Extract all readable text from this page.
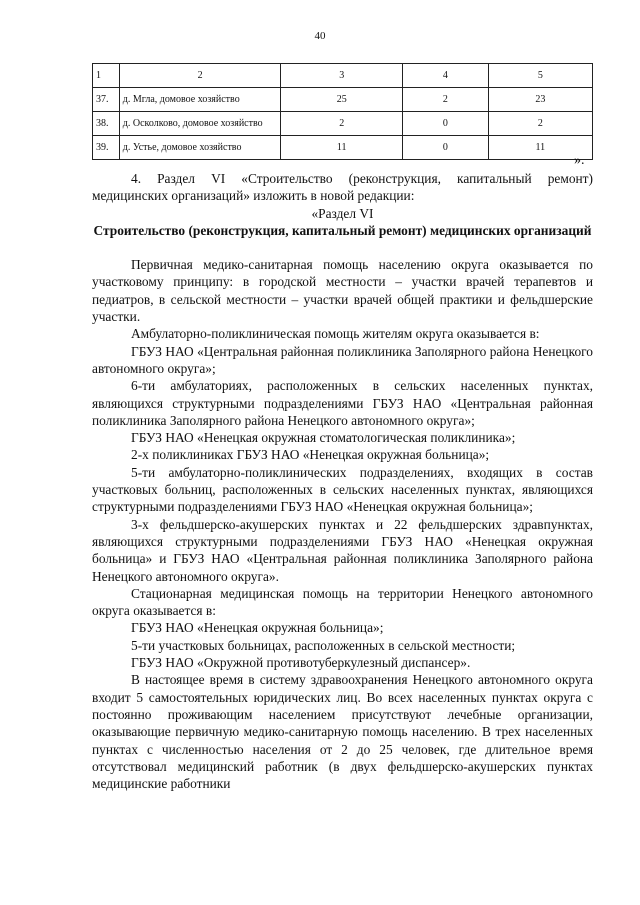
40
1	2	3	4	5
37.	д. Мгла, домовое хозяйство	25	2	23
38.	д. Осколково, домовое хозяйство	2	0	2
39.	д. Устье, домовое хозяйство	11	0	11
».

4. Раздел VI «Строительство (реконструкция, капитальный ремонт) медицинских организаций» изложить в новой редакции:

«Раздел VI

Строительство (реконструкция, капитальный ремонт) медицинских организаций

Первичная медико-санитарная помощь населению округа оказывается по участковому принципу: в городской местности – участки врачей терапевтов и педиатров, в сельской местности – участки врачей общей практики и фельдшерские участки.

Амбулаторно-поликлиническая помощь жителям округа оказывается в:

ГБУЗ НАО «Центральная районная поликлиника Заполярного района Ненецкого автономного округа»;

6-ти амбулаториях, расположенных в сельских населенных пунктах, являющихся структурными подразделениями ГБУЗ НАО «Центральная районная поликлиника Заполярного района Ненецкого автономного округа»;

ГБУЗ НАО «Ненецкая окружная стоматологическая поликлиника»;

2-х поликлиниках ГБУЗ НАО «Ненецкая окружная больница»;

5-ти амбулаторно-поликлинических подразделениях, входящих в состав участковых больниц, расположенных в сельских населенных пунктах, являющихся структурными подразделениями ГБУЗ НАО «Ненецкая окружная больница»;

3-х фельдшерско-акушерских пунктах и 22 фельдшерских здравпунктах, являющихся структурными подразделениями ГБУЗ НАО «Ненецкая окружная больница» и ГБУЗ НАО «Центральная районная поликлиника Заполярного района Ненецкого автономного округа».

Стационарная медицинская помощь на территории Ненецкого автономного округа оказывается в:

ГБУЗ НАО «Ненецкая окружная больница»;

5-ти участковых больницах, расположенных в сельской местности;

ГБУЗ НАО «Окружной противотуберкулезный диспансер».

В настоящее время в систему здравоохранения Ненецкого автономного округа входит 5 самостоятельных юридических лиц. Во всех населенных пунктах округа с постоянно проживающим населением присутствуют лечебные организации, оказывающие первичную медико-санитарную помощь населению. В трех населенных пунктах с численностью населения от 2 до 25 человек, где длительное время отсутствовал медицинский работник (в двух фельдшерско-акушерских пунктах медицинские работники
